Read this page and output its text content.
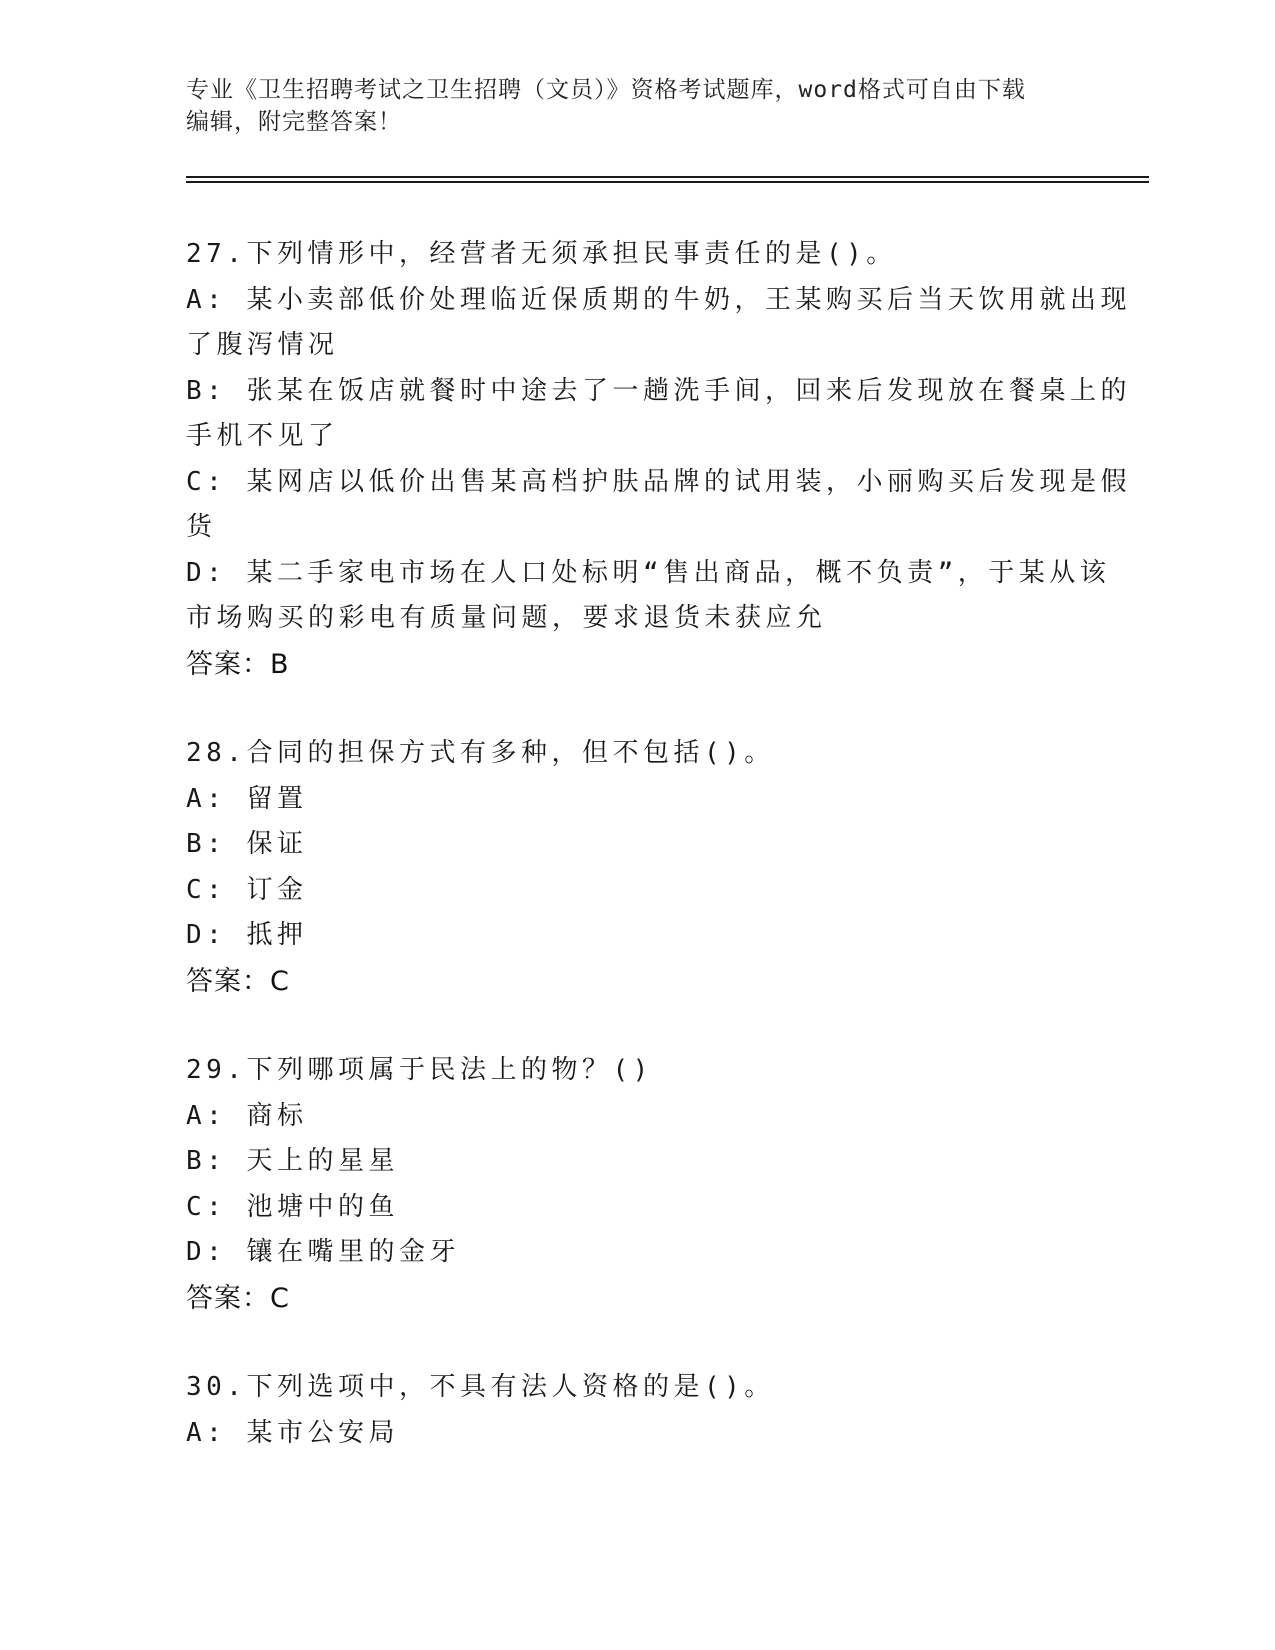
专业《卫生招聘考试之卫生招聘（文员）》资格考试题库，word格式可自由下载
编辑，附完整答案！
27.下列情形中，经营者无须承担民事责任的是()。
A: 某小卖部低价处理临近保质期的牛奶，王某购买后当天饮用就出现
了腹泻情况
B: 张某在饭店就餐时中途去了一趟洗手间，回来后发现放在餐桌上的
手机不见了
C: 某网店以低价出售某高档护肤品牌的试用装，小丽购买后发现是假
货
D: 某二手家电市场在人口处标明“售出商品，概不负责”，于某从该
市场购买的彩电有质量问题，要求退货未获应允
答案：B
28.合同的担保方式有多种，但不包括()。
A: 留置
B: 保证
C: 订金
D: 抵押
答案：C
29.下列哪项属于民法上的物？()
A: 商标
B: 天上的星星
C: 池塘中的鱼
D: 镶在嘴里的金牙
答案：C
30.下列选项中，不具有法人资格的是()。
A: 某市公安局
